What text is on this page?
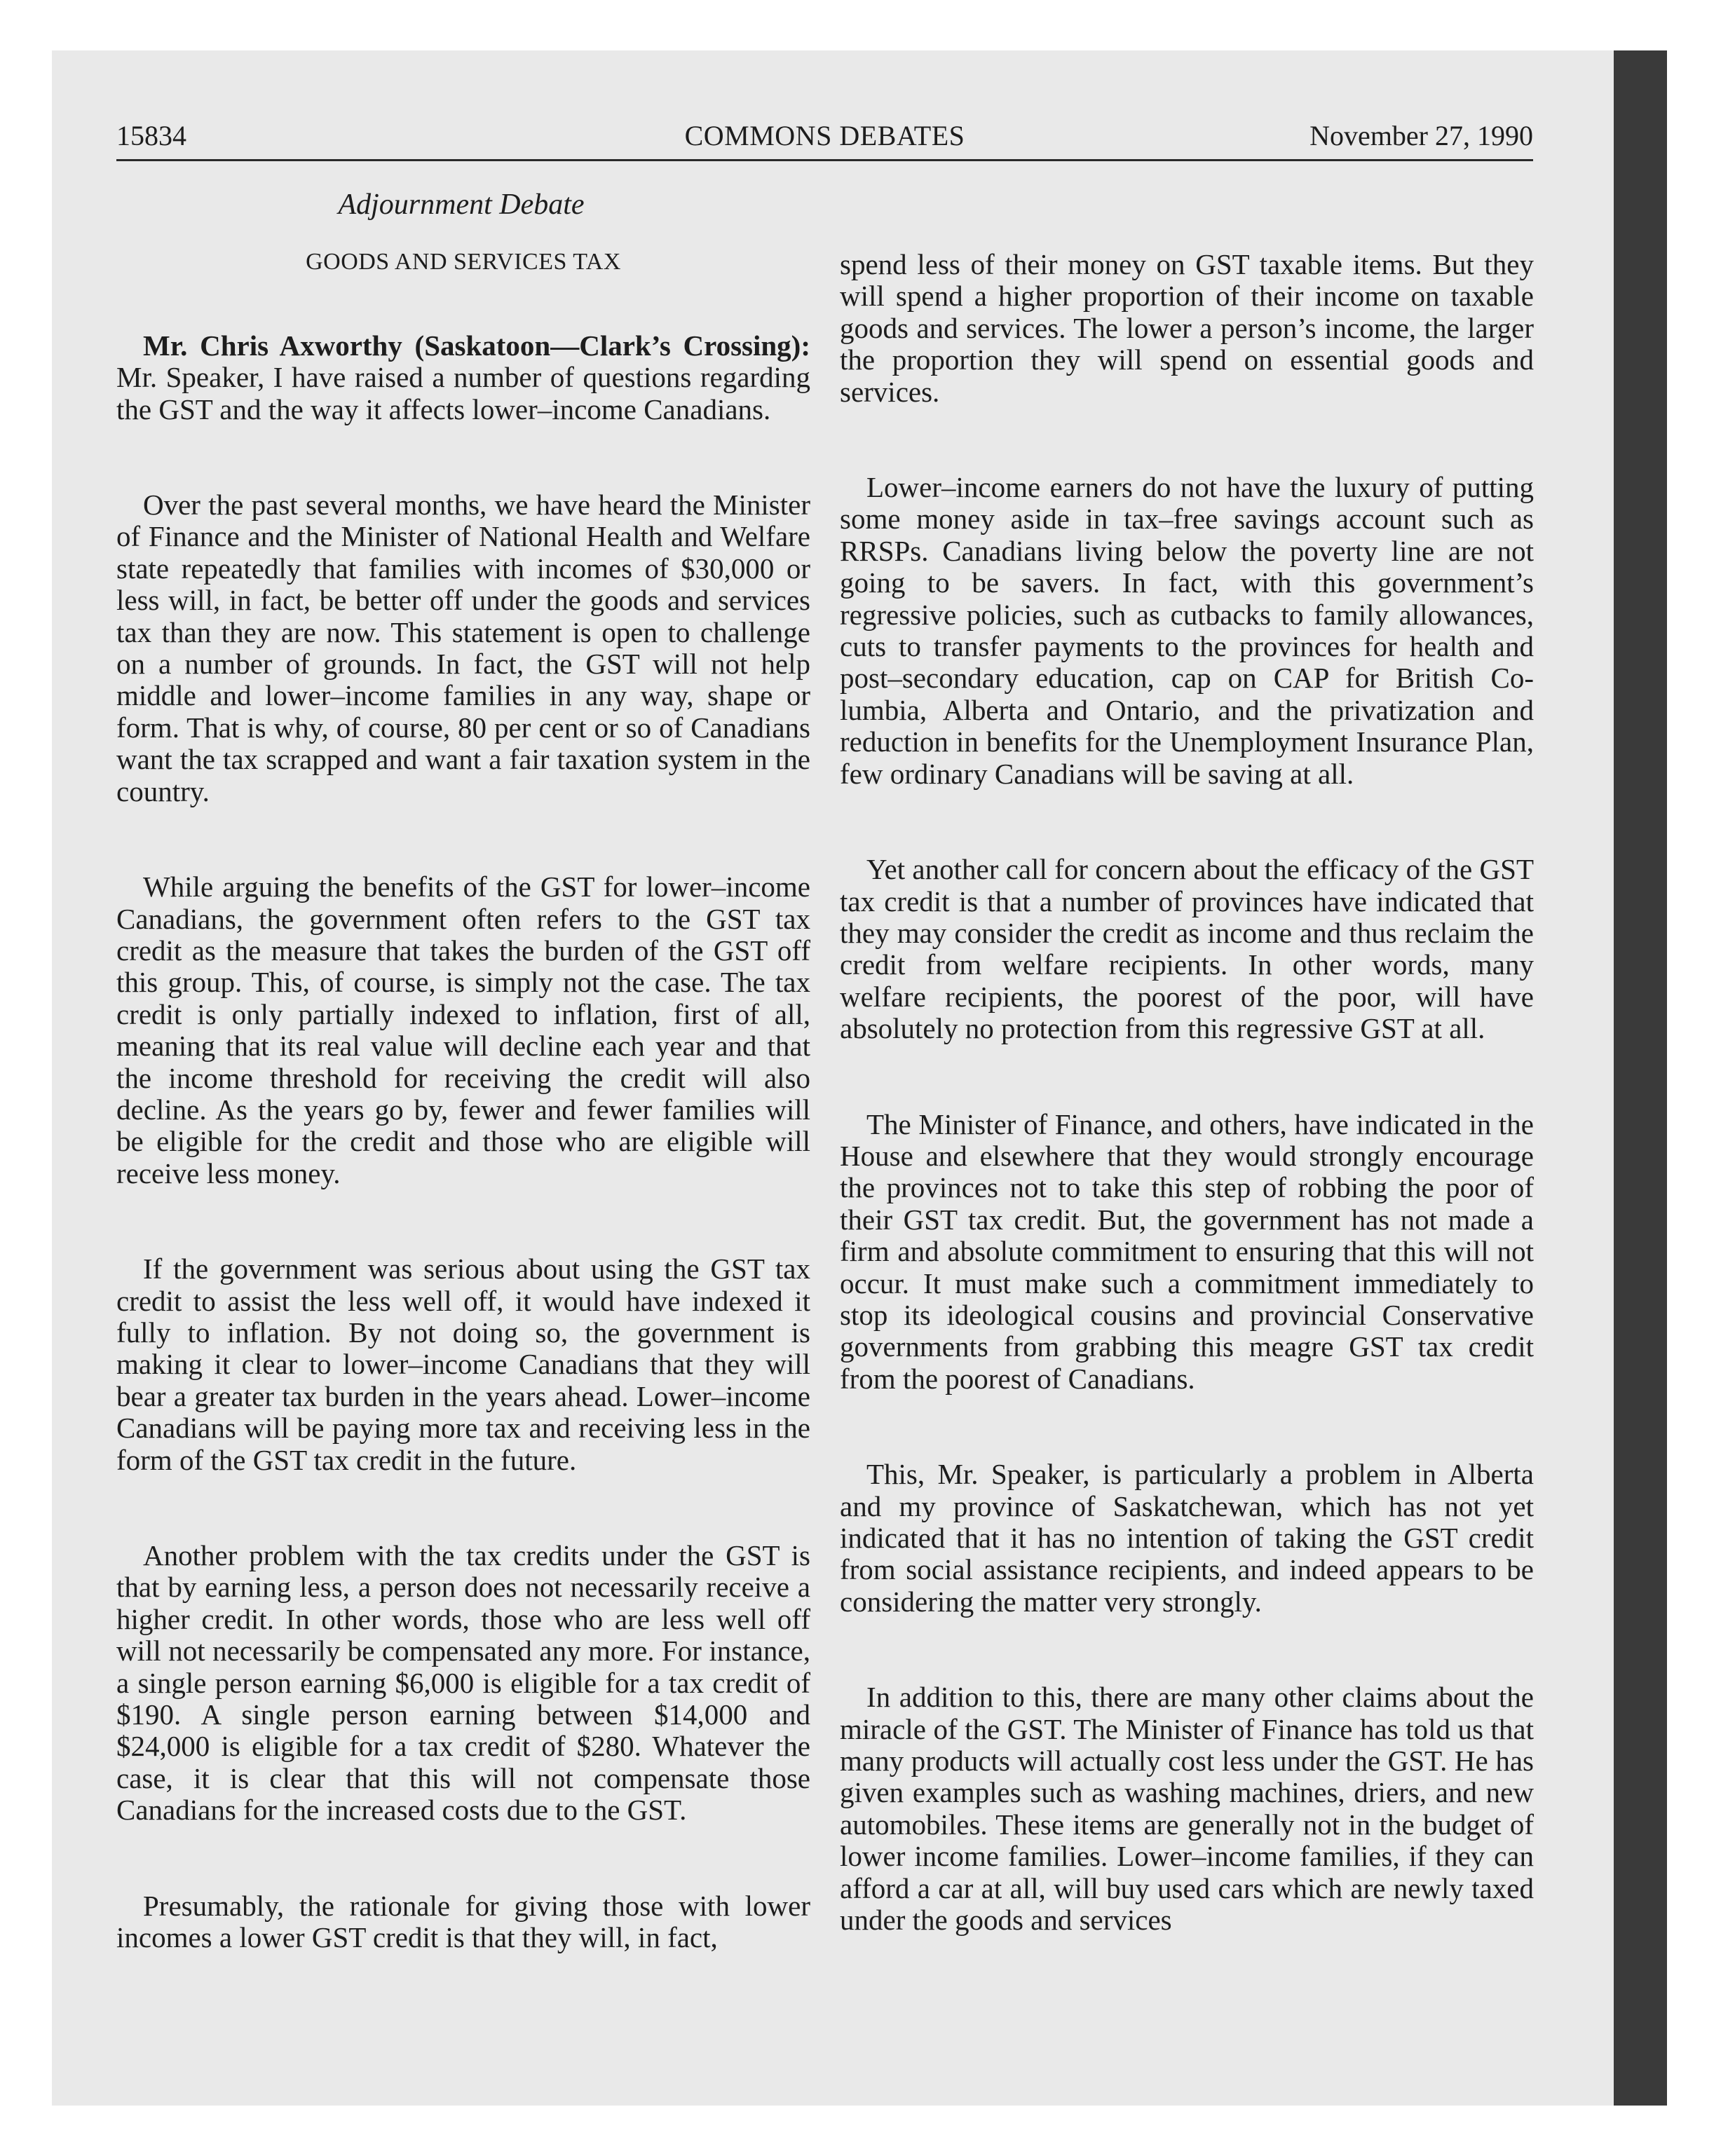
15834	COMMONS DEBATES	November 27, 1990
Adjournment Debate
GOODS AND SERVICES TAX

Mr. Chris Axworthy (Saskatoon—Clark’s Crossing): Mr. Speaker, I have raised a number of questions regarding the GST and the way it affects lower–income Canadians.

Over the past several months, we have heard the Minister of Finance and the Minister of National Health and Welfare state repeatedly that families with incomes of $30,000 or less will, in fact, be better off under the goods and services tax than they are now. This statement is open to challenge on a number of grounds. In fact, the GST will not help middle and lower–income families in any way, shape or form. That is why, of course, 80 per cent or so of Canadians want the tax scrapped and want a fair taxation system in the country.

While arguing the benefits of the GST for lower–income Canadians, the government often refers to the GST tax credit as the measure that takes the burden of the GST off this group. This, of course, is simply not the case. The tax credit is only partially indexed to inflation, first of all, meaning that its real value will decline each year and that the income threshold for receiving the credit will also decline. As the years go by, fewer and fewer families will be eligible for the credit and those who are eligible will receive less money.

If the government was serious about using the GST tax credit to assist the less well off, it would have indexed it fully to inflation. By not doing so, the government is making it clear to lower–income Canadians that they will bear a greater tax burden in the years ahead. Lower–income Canadians will be paying more tax and receiving less in the form of the GST tax credit in the future.

Another problem with the tax credits under the GST is that by earning less, a person does not necessarily receive a higher credit. In other words, those who are less well off will not necessarily be compensated any more. For instance, a single person earning $6,000 is eligible for a tax credit of $190. A single person earning between $14,000 and $24,000 is eligible for a tax credit of $280. Whatever the case, it is clear that this will not compensate those Canadians for the increased costs due to the GST.

Presumably, the rationale for giving those with lower incomes a lower GST credit is that they will, in fact,

spend less of their money on GST taxable items. But they will spend a higher proportion of their income on taxable goods and services. The lower a person’s income, the larger the proportion they will spend on essential goods and services.

Lower–income earners do not have the luxury of putting some money aside in tax–free savings account such as RRSPs. Canadians living below the poverty line are not going to be savers. In fact, with this government’s regressive policies, such as cutbacks to family allowances, cuts to transfer payments to the provinces for health and post–secondary education, cap on CAP for British Columbia, Alberta and Ontario, and the privatization and reduction in benefits for the Unemployment Insurance Plan, few ordinary Canadians will be saving at all.

Yet another call for concern about the efficacy of the GST tax credit is that a number of provinces have indicated that they may consider the credit as income and thus reclaim the credit from welfare recipients. In other words, many welfare recipients, the poorest of the poor, will have absolutely no protection from this regressive GST at all.

The Minister of Finance, and others, have indicated in the House and elsewhere that they would strongly encourage the provinces not to take this step of robbing the poor of their GST tax credit. But, the government has not made a firm and absolute commitment to ensuring that this will not occur. It must make such a commitment immediately to stop its ideological cousins and provincial Conservative governments from grabbing this meagre GST tax credit from the poorest of Canadians.

This, Mr. Speaker, is particularly a problem in Alberta and my province of Saskatchewan, which has not yet indicated that it has no intention of taking the GST credit from social assistance recipients, and indeed appears to be considering the matter very strongly.

In addition to this, there are many other claims about the miracle of the GST. The Minister of Finance has told us that many products will actually cost less under the GST. He has given examples such as washing machines, driers, and new automobiles. These items are generally not in the budget of lower income families. Lower–income families, if they can afford a car at all, will buy used cars which are newly taxed under the goods and services
